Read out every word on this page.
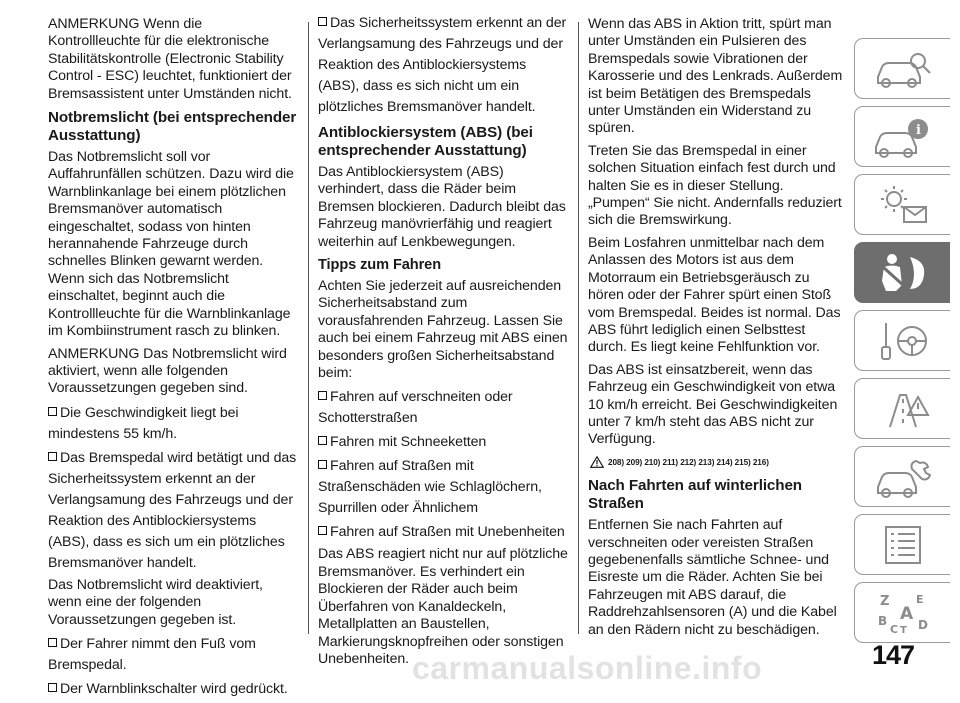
ANMERKUNG Wenn die Kontrollleuchte für die elektronische Stabilitätskontrolle (Electronic Stability Control - ESC) leuchtet, funktioniert der Bremsassistent unter Umständen nicht.

Notbremslicht (bei entsprechender Ausstattung)

Das Notbremslicht soll vor Auffahrunfällen schützen. Dazu wird die Warnblinkanlage bei einem plötzlichen Bremsmanöver automatisch eingeschaltet, sodass von hinten herannahende Fahrzeuge durch schnelles Blinken gewarnt werden. Wenn sich das Notbremslicht einschaltet, beginnt auch die Kontrollleuchte für die Warnblinkanlage im Kombiinstrument rasch zu blinken.

ANMERKUNG Das Notbremslicht wird aktiviert, wenn alle folgenden Voraussetzungen gegeben sind.

Die Geschwindigkeit liegt bei mindestens 55 km/h.
Das Bremspedal wird betätigt und das Sicherheitssystem erkennt an der Verlangsamung des Fahrzeugs und der Reaktion des Antiblockiersystems (ABS), dass es sich um ein plötzliches Bremsmanöver handelt.

Das Notbremslicht wird deaktiviert, wenn eine der folgenden Voraussetzungen gegeben ist.

Der Fahrer nimmt den Fuß vom Bremspedal.
Der Warnblinkschalter wird gedrückt.
Das Sicherheitssystem erkennt an der Verlangsamung des Fahrzeugs und der Reaktion des Antiblockiersystems (ABS), dass es sich nicht um ein plötzliches Bremsmanöver handelt.
Antiblockiersystem (ABS) (bei entsprechender Ausstattung)

Das Antiblockiersystem (ABS) verhindert, dass die Räder beim Bremsen blockieren. Dadurch bleibt das Fahrzeug manövrierfähig und reagiert weiterhin auf Lenkbewegungen.

Tipps zum Fahren

Achten Sie jederzeit auf ausreichenden Sicherheitsabstand zum vorausfahrenden Fahrzeug. Lassen Sie auch bei einem Fahrzeug mit ABS einen besonders großen Sicherheitsabstand beim:

Fahren auf verschneiten oder Schotterstraßen
Fahren mit Schneeketten
Fahren auf Straßen mit Straßenschäden wie Schlaglöchern, Spurrillen oder Ähnlichem
Fahren auf Straßen mit Unebenheiten

Das ABS reagiert nicht nur auf plötzliche Bremsmanöver. Es verhindert ein Blockieren der Räder auch beim Überfahren von Kanaldeckeln, Metallplatten an Baustellen, Markierungsknopfreihen oder sonstigen Unebenheiten.

Wenn das ABS in Aktion tritt, spürt man unter Umständen ein Pulsieren des Bremspedals sowie Vibrationen der Karosserie und des Lenkrads. Außerdem ist beim Betätigen des Bremspedals unter Umständen ein Widerstand zu spüren.

Treten Sie das Bremspedal in einer solchen Situation einfach fest durch und halten Sie es in dieser Stellung. „Pumpen“ Sie nicht. Andernfalls reduziert sich die Bremswirkung.

Beim Losfahren unmittelbar nach dem Anlassen des Motors ist aus dem Motorraum ein Betriebsgeräusch zu hören oder der Fahrer spürt einen Stoß vom Bremspedal. Beides ist normal. Das ABS führt lediglich einen Selbsttest durch. Es liegt keine Fehlfunktion vor.

Das ABS ist einsatzbereit, wenn das Fahrzeug ein Geschwindigkeit von etwa 10 km/h erreicht. Bei Geschwindigkeiten unter 7 km/h steht das ABS nicht zur Verfügung.

208) 209) 210) 211) 212) 213) 214) 215) 216)
Nach Fahrten auf winterlichen Straßen

Entfernen Sie nach Fahrten auf verschneiten oder vereisten Straßen gegebenenfalls sämtliche Schnee- und Eisreste um die Räder. Achten Sie bei Fahrzeugen mit ABS darauf, die Raddrehzahlsensoren (A) und die Kabel an den Rädern nicht zu beschädigen.

i
Z E
A
B
C T D
147
carmanualsonline.info
